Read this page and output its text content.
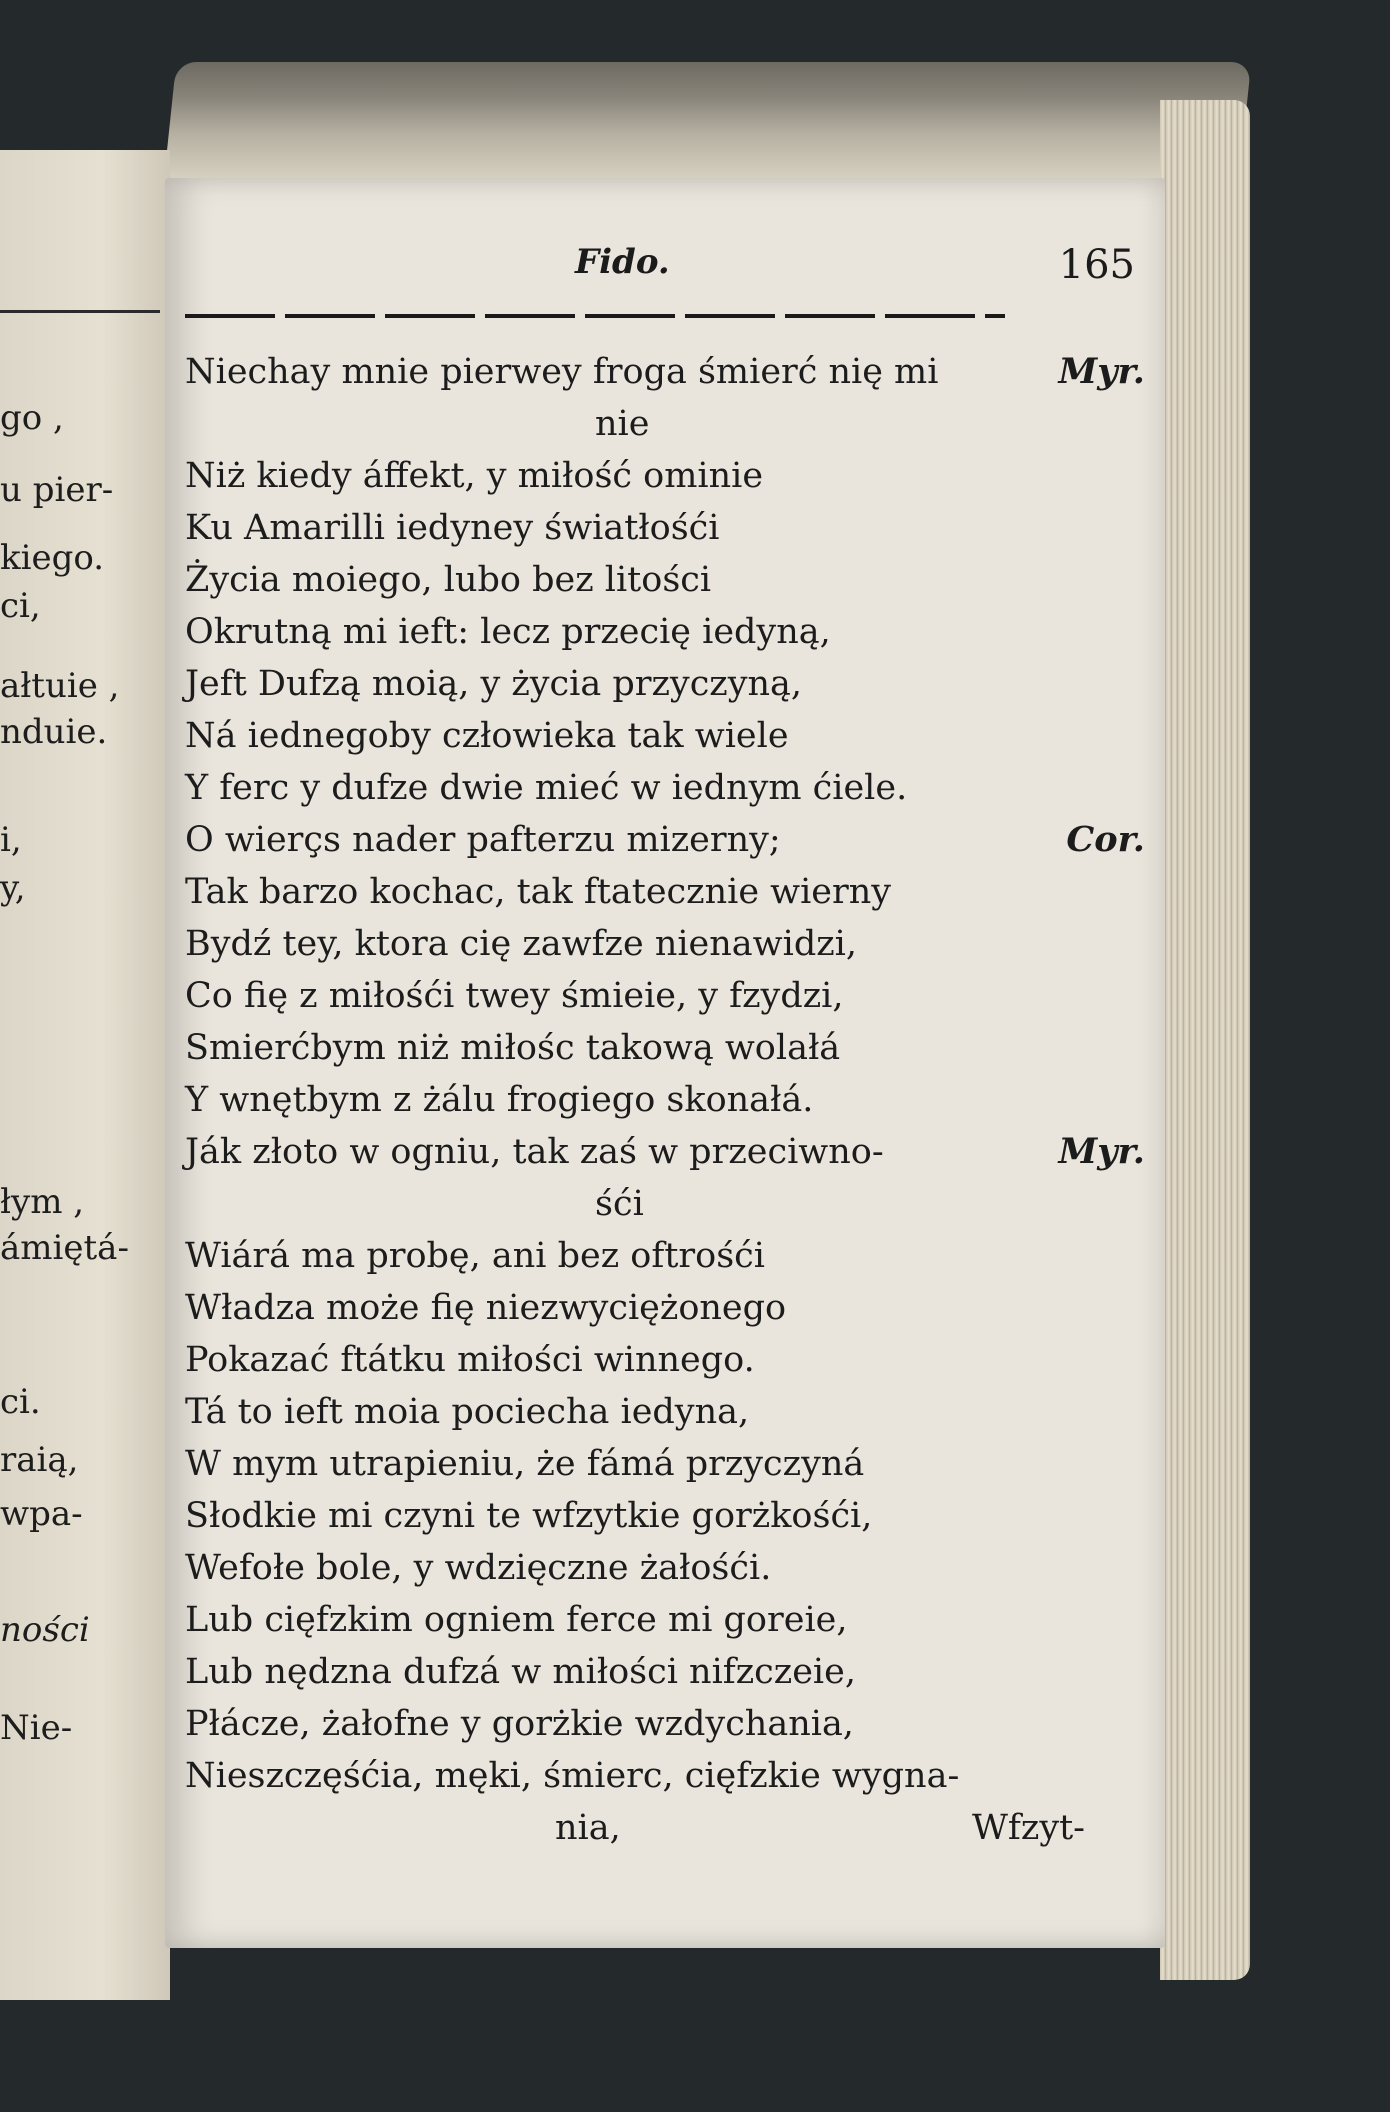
go ,
u pier-
kiego.
ci,
ałtuie ,
nduie.
i,
y,
łym ,
ámiętá-
ci.
raią,
wpa-
ności
Nie-
Fido.	165
Niechay mnie pierwey froga śmierć nię mi	Myr.
nie
Niż kiedy áffekt, y miłość ominie
Ku Amarilli iedyney światłośći
Życia moiego, lubo bez litości
Okrutną mi ieft: lecz przecię iedyną,
Jeft Dufzą moią, y życia przyczyną,
Ná iednegoby człowieka tak wiele
Y ferc y dufze dwie mieć w iednym ćiele.
O wierçs nader pafterzu mizerny;	Cor.
Tak barzo kochac, tak ftatecznie wierny
Bydź tey, ktora cię zawfze nienawidzi,
Co fię z miłośći twey śmieie, y fzydzi,
Smierćbym niż miłośc takową wolałá
Y wnętbym z żálu frogiego skonałá.
Ják złoto w ogniu, tak zaś w przeciwno-	Myr.
śći
Wiárá ma probę, ani bez oftrośći
Władza może fię niezwyciężonego
Pokazać ftátku miłości winnego.
Tá to ieft moia pociecha iedyna,
W mym utrapieniu, że fámá przyczyná
Słodkie mi czyni te wfzytkie gorżkośći,
Wefołe bole, y wdzięczne żałośći.
Lub cięfzkim ogniem ferce mi goreie,
Lub nędzna dufzá w miłości nifzczeie,
Płácze, żałofne y gorżkie wzdychania,
Nieszczęśćia, męki, śmierc, cięfzkie wygna-
nia,	Wfzyt-
